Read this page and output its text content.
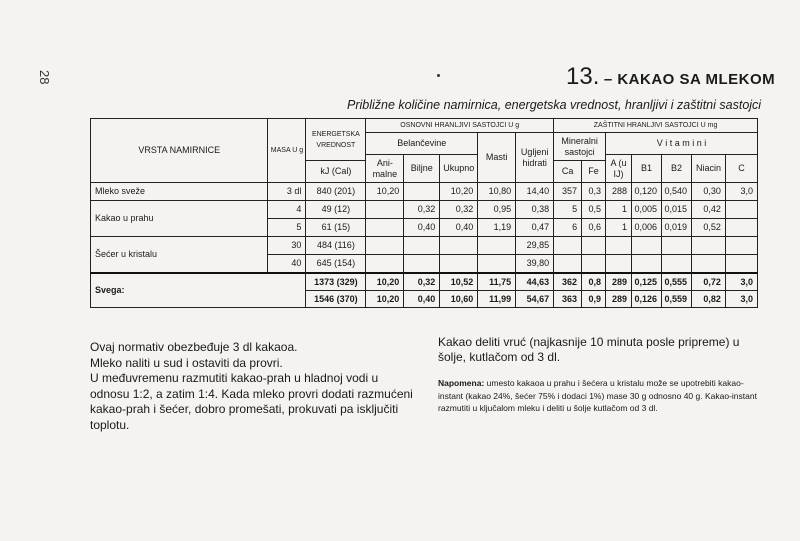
28	13. – KAKAO SA MLEKOM
Približne količine namirnica, energetska vrednost, hranljivi i zaštitni sastojci
VRSTA NAMIRNICE	MASA U g	ENERGETSKA VREDNOST	OSNOVNI HRANLJIVI SASTOJCI U g					ZAŠTITNI HRANLJIVI SASTOJCI U mg						
			Belančevine			Masti	Ugljeni hidrati	Mineralni sastojci		V i t a m i n i				
			Ani- malne	Biljne	Ukupno					A (u IJ)	B1	B2	Niacin	C
		kJ (Cal)						Ca	Fe					
Mleko sveže	3 dl	840 (201)	10,20		10,20	10,80	14,40	357	0,3	288	0,120	0,540	0,30	3,0
Kakao u prahu	4	49 (12)		0,32	0,32	0,95	0,38	5	0,5	1	0,005	0,015	0,42	
	5	61 (15)		0,40	0,40	1,19	0,47	6	0,6	1	0,006	0,019	0,52	
Šećer u kristalu	30	484 (116)					29,85							
	40	645 (154)					39,80							
Svega:		1373 (329)	10,20	0,32	10,52	11,75	44,63	362	0,8	289	0,125	0,555	0,72	3,0
		1546 (370)	10,20	0,40	10,60	11,99	54,67	363	0,9	289	0,126	0,559	0,82	3,0

Ovaj normativ obezbeđuje 3 dl kakaoa.

Mleko naliti u sud i ostaviti da provri.

U međuvremenu razmutiti kakao-prah u hladnoj vodi u odnosu 1:2, a zatim 1:4. Kada mleko provri dodati razmućeni kakao-prah i šećer, dobro promešati, prokuvati pa isključiti toplotu.

Kakao deliti vruć (najkasnije 10 minuta posle pripreme) u šolje, kutlačom od 3 dl.
Napomena: umesto kakaoa u prahu i šećera u kristalu može se upotrebiti kakao-instant (kakao 24%, šećer 75% i dodaci 1%) mase 30 g odnosno 40 g. Kakao-instant razmutiti u ključalom mleku i deliti u šolje kutlačom od 3 dl.
